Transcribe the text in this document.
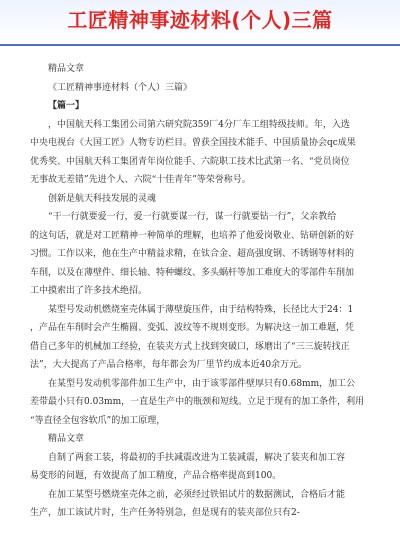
工匠精神事迹材料(个人)三篇
精品文章
《工匠精神事迹材料（个人）三篇》
【篇一】
，中国航天科工集团公司第六研究院359厂4分厂车工组特级技师。年，入选
中央电视台《大国工匠》人物专访栏目。曾获全国技术能手、中国质量协会qc成果
优秀奖、中国航天科工集团青年岗位能手、六院职工技术比武第一名、“党员岗位
无事故无差错”先进个人、六院“十佳青年”等荣誉称号。
创新是航天科技发展的灵魂
“干一行就要爱一行，爱一行就要谋一行，谋一行就要钻一行”，父亲教给
的这句话，就是对工匠精神一种简单的理解，也培养了他爱岗敬业、钻研创新的好
习惯。工作以来，他在生产中精益求精，在钛合金、超高强度钢、不锈钢等材料的
车削，以及在薄壁件、细长轴、特种螺纹、多头蜗杆等加工难度大的零部件车削加
工中摸索出了许多技术绝招。
某型号发动机燃烧室壳体属于薄壁旋压件，由于结构特殊，长径比大于24：1
，产品在车削时会产生椭圆、变弧、波纹等不规则变形。为解决这一加工难题，凭
借自己多年的机械加工经验，在装夹方式上找到突破口，琢磨出了“三三旋转找正
法”，大大提高了产品合格率，每年都会为厂里节约成本近40余万元。
在某型号发动机零部件加工生产中，由于该零部件壁厚只有0.68mm，加工公
差带最小只有0.03mm，一直是生产中的瓶颈和短线。立足于现有的加工条件，利用
“等直径全包容软爪”的加工原理，
精品文章
自制了两套工装，将最初的手扶减震改进为工装减震，解决了装夹和加工容
易变形的问题，有效提高了加工精度，产品合格率提高到100。
在加工某型号燃烧室壳体之前，必须经过铁铝试片的数据测试，合格后才能
生产，加工该试片时，生产任务特别急，但是现有的装夹部位只有2-
